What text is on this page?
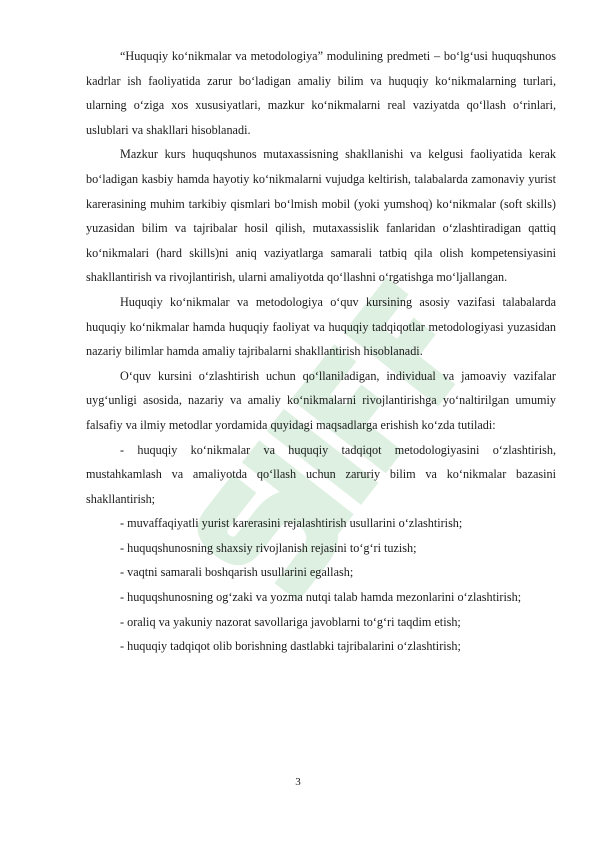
“Huquqiy ko‘nikmalar va metodologiya” modulining predmeti – bo‘lg‘usi huquqshunos kadrlar ish faoliyatida zarur bo‘ladigan amaliy bilim va huquqiy ko‘nikmalarning turlari, ularning o‘ziga xos xususiyatlari, mazkur ko‘nikmalarni real vaziyatda qo‘llash o‘rinlari, uslublari va shakllari hisoblanadi.

Mazkur kurs huquqshunos mutaxassisning shakllanishi va kelgusi faoliyatida kerak bo‘ladigan kasbiy hamda hayotiy ko‘nikmalarni vujudga keltirish, talabalarda zamonaviy yurist karerasining muhim tarkibiy qismlari bo‘lmish mobil (yoki yumshoq) ko‘nikmalar (soft skills) yuzasidan bilim va tajribalar hosil qilish, mutaxassislik fanlaridan o‘zlashtiradigan qattiq ko‘nikmalari (hard skills)ni aniq vaziyatlarga samarali tatbiq qila olish kompetensiyasini shakllantirish va rivojlantirish, ularni amaliyotda qo‘llashni o‘rgatishga mo‘ljallangan.

Huquqiy ko‘nikmalar va metodologiya o‘quv kursining asosiy vazifasi talabalarda huquqiy ko‘nikmalar hamda huquqiy faoliyat va huquqiy tadqiqotlar metodologiyasi yuzasidan nazariy bilimlar hamda amaliy tajribalarni shakllantirish hisoblanadi.

O‘quv kursini o‘zlashtirish uchun qo‘llaniladigan, individual va jamoaviy vazifalar uyg‘unligi asosida, nazariy va amaliy ko‘nikmalarni rivojlantirishga yo‘naltirilgan umumiy falsafiy va ilmiy metodlar yordamida quyidagi maqsadlarga erishish ko‘zda tutiladi:

- huquqiy ko‘nikmalar va huquqiy tadqiqot metodologiyasini o‘zlashtirish, mustahkamlash va amaliyotda qo‘llash uchun zaruriy bilim va ko‘nikmalar bazasini shakllantirish;

- muvaffaqiyatli yurist karerasini rejalashtirish usullarini o‘zlashtirish;

- huquqshunosning shaxsiy rivojlanish rejasini to‘g‘ri tuzish;

- vaqtni samarali boshqarish usullarini egallash;

- huquqshunosning og‘zaki va yozma nutqi talab hamda mezonlarini o‘zlashtirish;

- oraliq va yakuniy nazorat savollariga javoblarni to‘g‘ri taqdim etish;

- huquqiy tadqiqot olib borishning dastlabki tajribalarini o‘zlashtirish;

3
